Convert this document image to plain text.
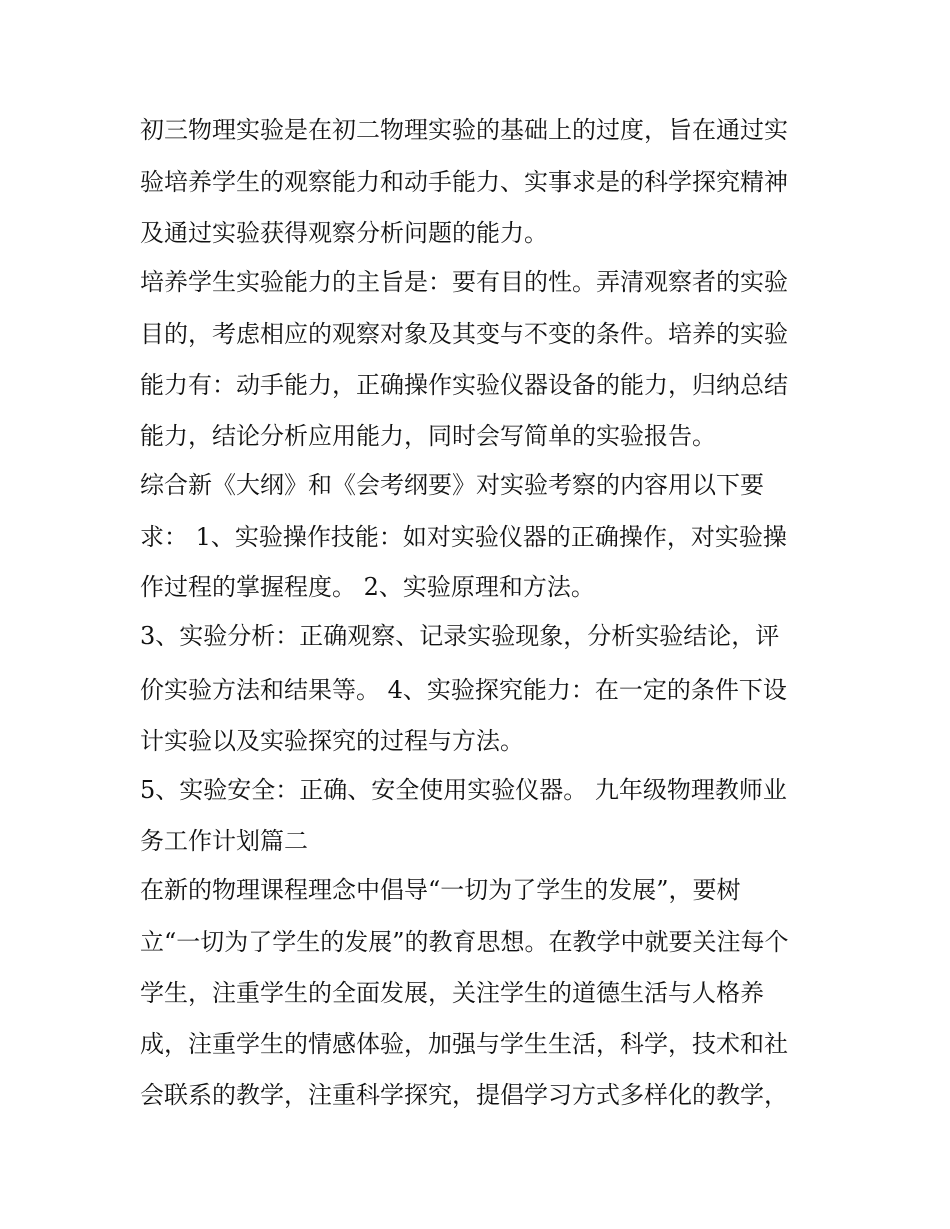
初三物理实验是在初二物理实验的基础上的过度，旨在通过实
验培养学生的观察能力和动手能力、实事求是的科学探究精神
及通过实验获得观察分析问题的能力。
培养学生实验能力的主旨是：要有目的性。弄清观察者的实验
目的，考虑相应的观察对象及其变与不变的条件。培养的实验
能力有：动手能力，正确操作实验仪器设备的能力，归纳总结
能力，结论分析应用能力，同时会写简单的实验报告。
综合新《大纲》和《会考纲要》对实验考察的内容用以下要
求： 1、实验操作技能：如对实验仪器的正确操作，对实验操
作过程的掌握程度。 2、实验原理和方法。
3、实验分析：正确观察、记录实验现象，分析实验结论，评
价实验方法和结果等。 4、实验探究能力：在一定的条件下设
计实验以及实验探究的过程与方法。
5、实验安全：正确、安全使用实验仪器。 九年级物理教师业
务工作计划篇二
在新的物理课程理念中倡导“一切为了学生的发展”，要树
立“一切为了学生的发展”的教育思想。在教学中就要关注每个
学生，注重学生的全面发展，关注学生的道德生活与人格养
成，注重学生的情感体验，加强与学生生活，科学，技术和社
会联系的教学，注重科学探究，提倡学习方式多样化的教学，
